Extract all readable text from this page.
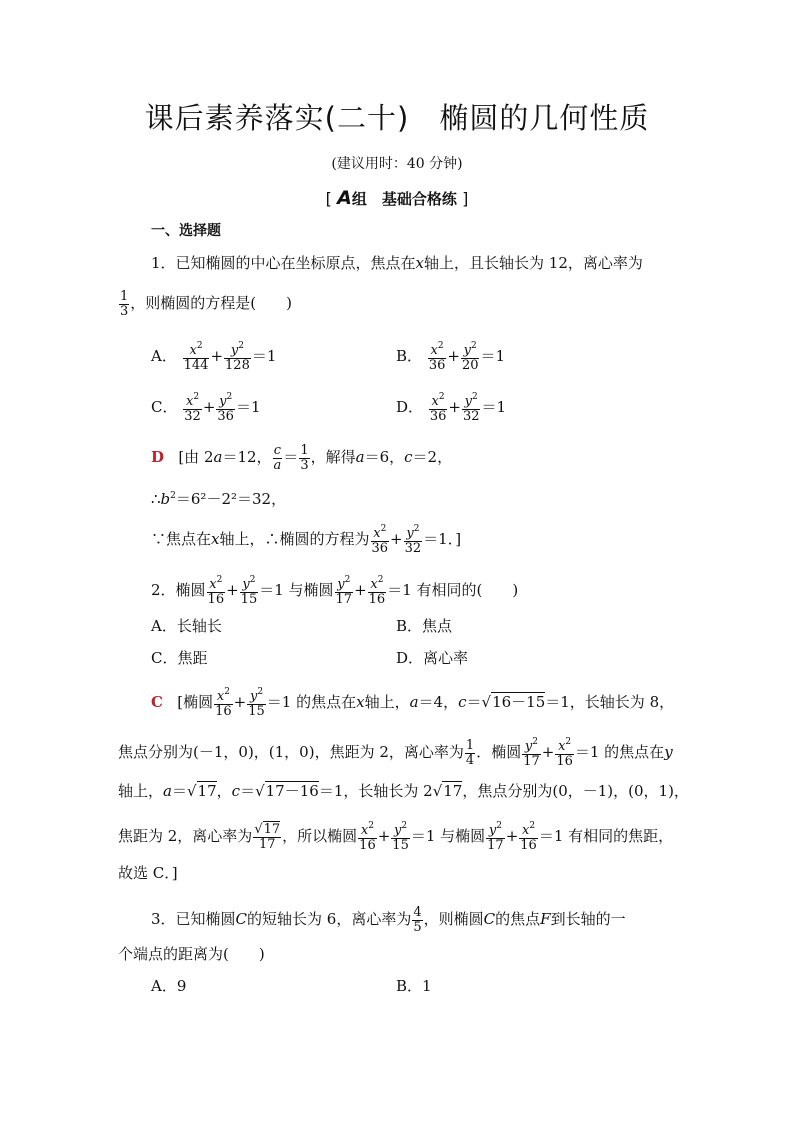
课后素养落实(二十) 椭圆的几何性质
(建议用时：40 分钟)
[ A组　基础合格练 ]
一、选择题
1．已知椭圆的中心在坐标原点，焦点在x轴上，且长轴长为 12，离心率为
$\frac{1}{3}$ ，则椭圆的方程是(　　)
A． $\frac{x^2}{144} + \frac{y^2}{128} =1$	B． $\frac{x^2}{36} + \frac{y^2}{20} =1$
C． $\frac{x^2}{32} + \frac{y^2}{36} =1$	D． $\frac{x^2}{36} + \frac{y^2}{32} =1$
D [由 2a＝12， $\frac{c}{a} = \frac{1}{3}$ ，解得a＝6，c＝2，
$\therefore b^2=6^2-2^2=32$，
∵焦点在x轴上，∴椭圆的方程为 $\frac{x^2}{36} + \frac{y^2}{32} =1$．]
2．椭圆 $\frac{x^2}{16} + \frac{y^2}{15} =1$ 与椭圆 $\frac{y^2}{17} + \frac{x^2}{16} =1$ 有相同的(　　)
A．长轴长	B．焦点
C．焦距	D．离心率
C [椭圆 $\frac{x^2}{16} + \frac{y^2}{15} =1$ 的焦点在x轴上，a＝4，c＝√16－15＝1，长轴长为 8，
焦点分别为(－1，0)，(1，0)，焦距为 2，离心率为 $\frac{1}{4}$ ．椭圆 $\frac{y^2}{17} + \frac{x^2}{16} =1$ 的焦点在y
轴上，a＝√17，c＝√17－16＝1，长轴长为 2√17，焦点分别为(0，－1)，(0，1)，
焦距为 2，离心率为 $\frac{√17}{17}$ ，所以椭圆 $\frac{x^2}{16} + \frac{y^2}{15} =1$ 与椭圆 $\frac{y^2}{17} + \frac{x^2}{16} =1$ 有相同的焦距，
故选 C．]
3．已知椭圆C的短轴长为 6，离心率为 $\frac{4}{5}$ ，则椭圆C的焦点F到长轴的一
个端点的距离为(　　)
A．9	B．1
